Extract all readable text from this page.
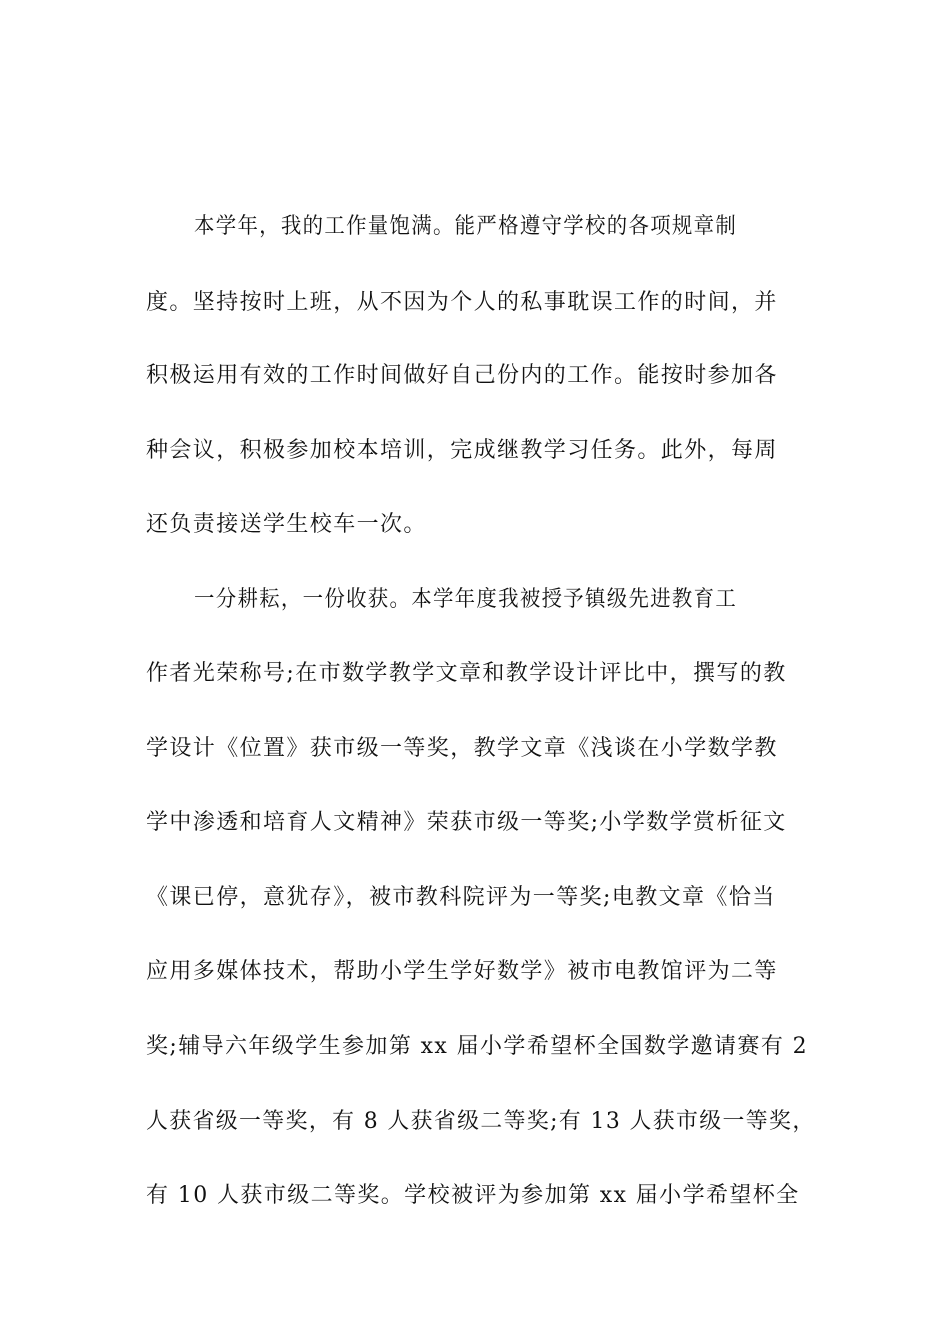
本学年，我的工作量饱满。能严格遵守学校的各项规章制
度。坚持按时上班，从不因为个人的私事耽误工作的时间，并
积极运用有效的工作时间做好自己份内的工作。能按时参加各
种会议，积极参加校本培训，完成继教学习任务。此外，每周
还负责接送学生校车一次。
一分耕耘，一份收获。本学年度我被授予镇级先进教育工
作者光荣称号;在市数学教学文章和教学设计评比中，撰写的教
学设计《位置》获市级一等奖，教学文章《浅谈在小学数学教
学中渗透和培育人文精神》荣获市级一等奖;小学数学赏析征文
《课已停，意犹存》，被市教科院评为一等奖;电教文章《恰当
应用多媒体技术，帮助小学生学好数学》被市电教馆评为二等
奖;辅导六年级学生参加第 xx 届小学希望杯全国数学邀请赛有 2
人获省级一等奖，有 8 人获省级二等奖;有 13 人获市级一等奖，
有 10 人获市级二等奖。学校被评为参加第 xx 届小学希望杯全
